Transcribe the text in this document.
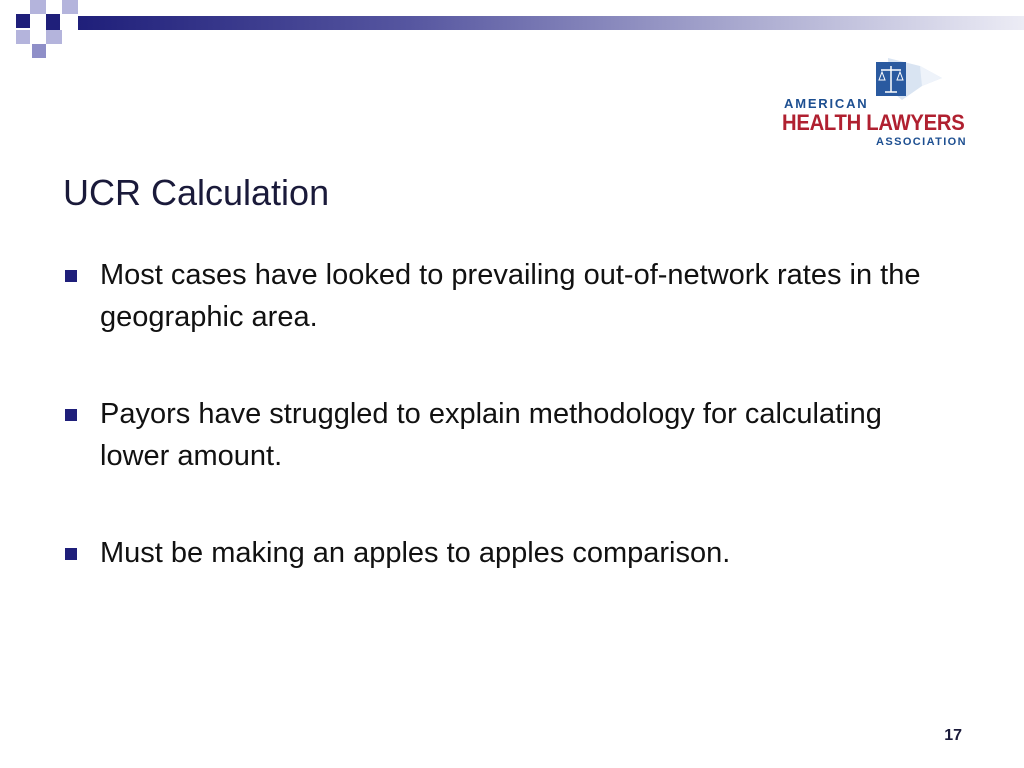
AMERICAN
HEALTH LAWYERS
ASSOCIATION
UCR Calculation
Most cases have looked to prevailing out-of-network rates in the geographic area.
Payors have struggled to explain methodology for calculating lower amount.
Must be making an apples to apples comparison.
17
